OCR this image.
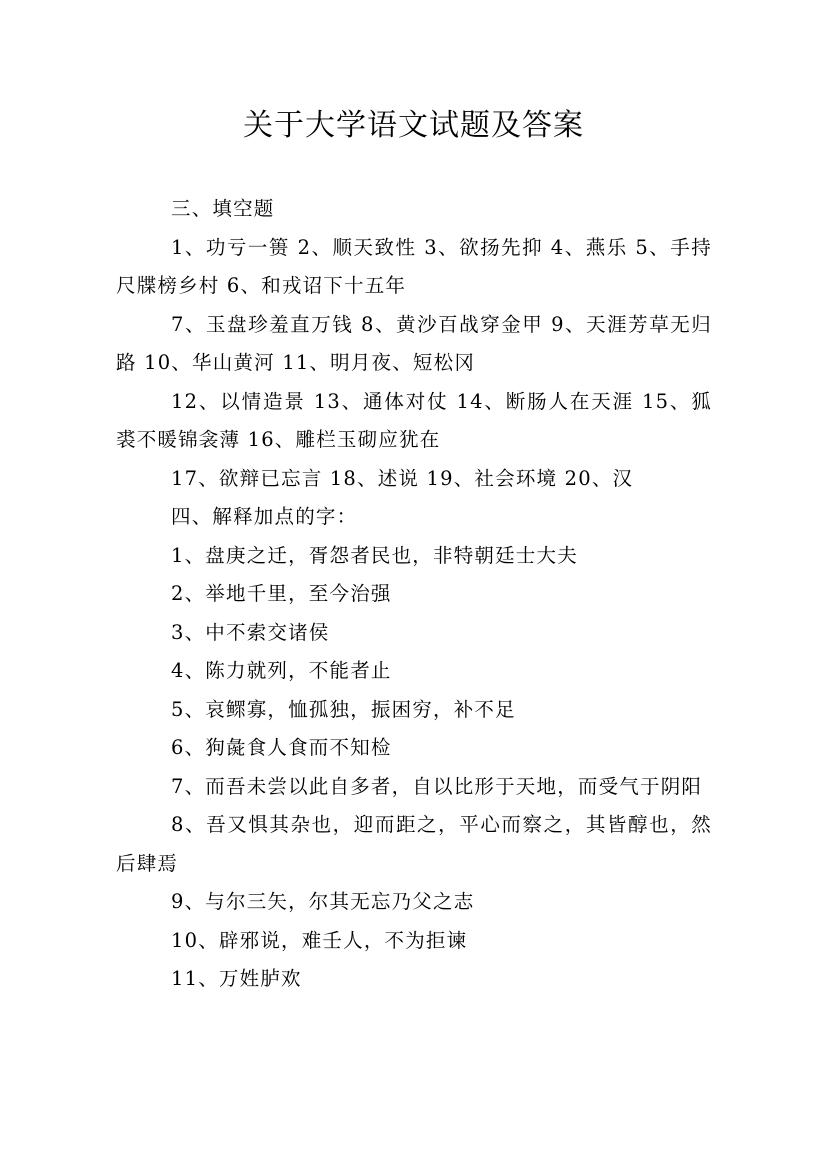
关于大学语文试题及答案

三、填空题

1、功亏一篑 2、顺天致性 3、欲扬先抑 4、燕乐 5、手持尺牒榜乡村 6、和戎诏下十五年

7、玉盘珍羞直万钱 8、黄沙百战穿金甲 9、天涯芳草无归路 10、华山黄河 11、明月夜、短松冈

12、以情造景 13、通体对仗 14、断肠人在天涯 15、狐裘不暖锦衾薄 16、雕栏玉砌应犹在

17、欲辩已忘言 18、述说 19、社会环境 20、汉

四、解释加点的字：

1、盘庚之迁，胥怨者民也，非特朝廷士大夫

2、举地千里，至今治强

3、中不索交诸侯

4、陈力就列，不能者止

5、哀鳏寡，恤孤独，振困穷，补不足

6、狗彘食人食而不知检

7、而吾未尝以此自多者，自以比形于天地，而受气于阴阳

8、吾又惧其杂也，迎而距之，平心而察之，其皆醇也，然后肆焉

9、与尔三矢，尔其无忘乃父之志

10、辟邪说，难壬人，不为拒谏

11、万姓胪欢
